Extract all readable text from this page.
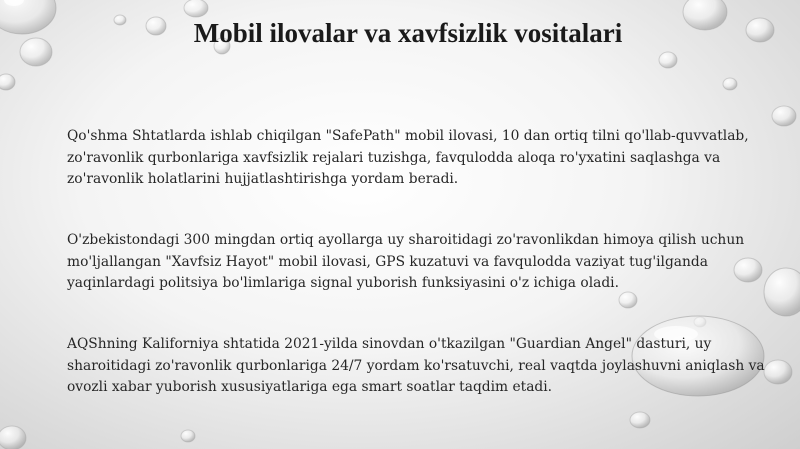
Mobil ilovalar va xavfsizlik vositalari

Qo'shma Shtatlarda ishlab chiqilgan "SafePath" mobil ilovasi, 10 dan ortiq tilni qo'llab-quvvatlab, zo'ravonlik qurbonlariga xavfsizlik rejalari tuzishga, favqulodda aloqa ro'yxatini saqlashga va zo'ravonlik holatlarini hujjatlashtirishga yordam beradi.

O'zbekistondagi 300 mingdan ortiq ayollarga uy sharoitidagi zo'ravonlikdan himoya qilish uchun mo'ljallangan "Xavfsiz Hayot" mobil ilovasi, GPS kuzatuvi va favqulodda vaziyat tug'ilganda yaqinlardagi politsiya bo'limlariga signal yuborish funksiyasini o'z ichiga oladi.

AQShning Kaliforniya shtatida 2021-yilda sinovdan o'tkazilgan "Guardian Angel" dasturi, uy sharoitidagi zo'ravonlik qurbonlariga 24/7 yordam ko'rsatuvchi, real vaqtda joylashuvni aniqlash va ovozli xabar yuborish xususiyatlariga ega smart soatlar taqdim etadi.
